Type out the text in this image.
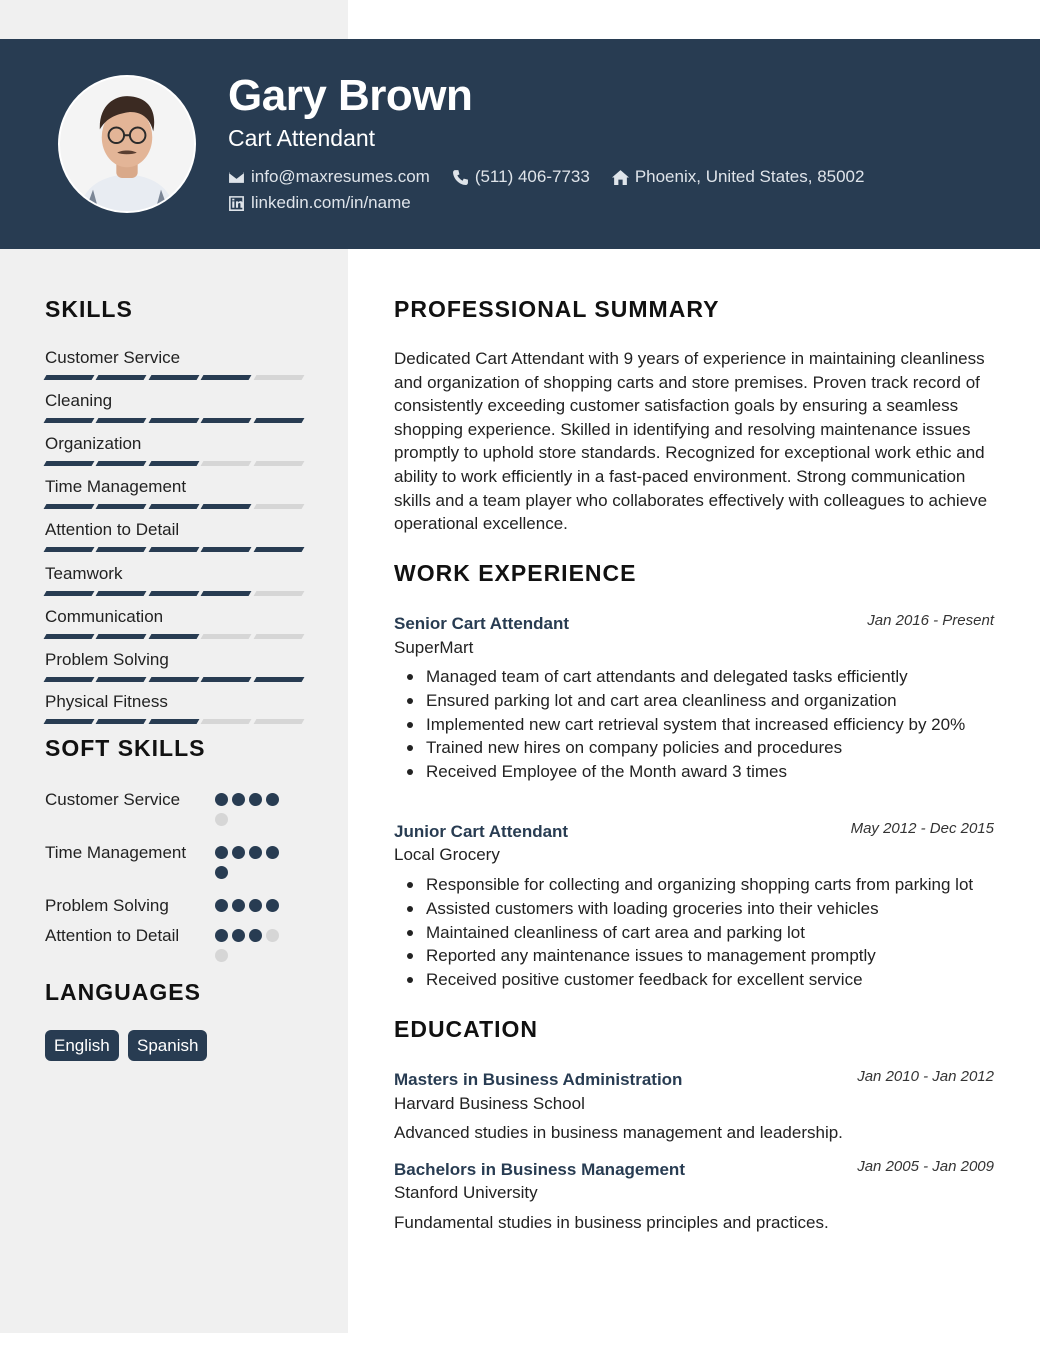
Gary Brown
Cart Attendant
info@maxresumes.com	(511) 406-7733	Phoenix, United States, 85002
linkedin.com/in/name
SKILLS
Customer Service
Cleaning
Organization
Time Management
Attention to Detail
Teamwork
Communication
Problem Solving
Physical Fitness
SOFT SKILLS
Customer Service
Time Management
Problem Solving
Attention to Detail
LANGUAGES
English	Spanish
PROFESSIONAL SUMMARY
Dedicated Cart Attendant with 9 years of experience in maintaining cleanliness and organization of shopping carts and store premises. Proven track record of consistently exceeding customer satisfaction goals by ensuring a seamless shopping experience. Skilled in identifying and resolving maintenance issues promptly to uphold store standards. Recognized for exceptional work ethic and ability to work efficiently in a fast-paced environment. Strong communication skills and a team player who collaborates effectively with colleagues to achieve operational excellence.
WORK EXPERIENCE
Senior Cart Attendant	Jan 2016 - Present
SuperMart
Managed team of cart attendants and delegated tasks efficiently
Ensured parking lot and cart area cleanliness and organization
Implemented new cart retrieval system that increased efficiency by 20%
Trained new hires on company policies and procedures
Received Employee of the Month award 3 times
Junior Cart Attendant	May 2012 - Dec 2015
Local Grocery
Responsible for collecting and organizing shopping carts from parking lot
Assisted customers with loading groceries into their vehicles
Maintained cleanliness of cart area and parking lot
Reported any maintenance issues to management promptly
Received positive customer feedback for excellent service
EDUCATION
Masters in Business Administration	Jan 2010 - Jan 2012
Harvard Business School
Advanced studies in business management and leadership.
Bachelors in Business Management	Jan 2005 - Jan 2009
Stanford University
Fundamental studies in business principles and practices.
